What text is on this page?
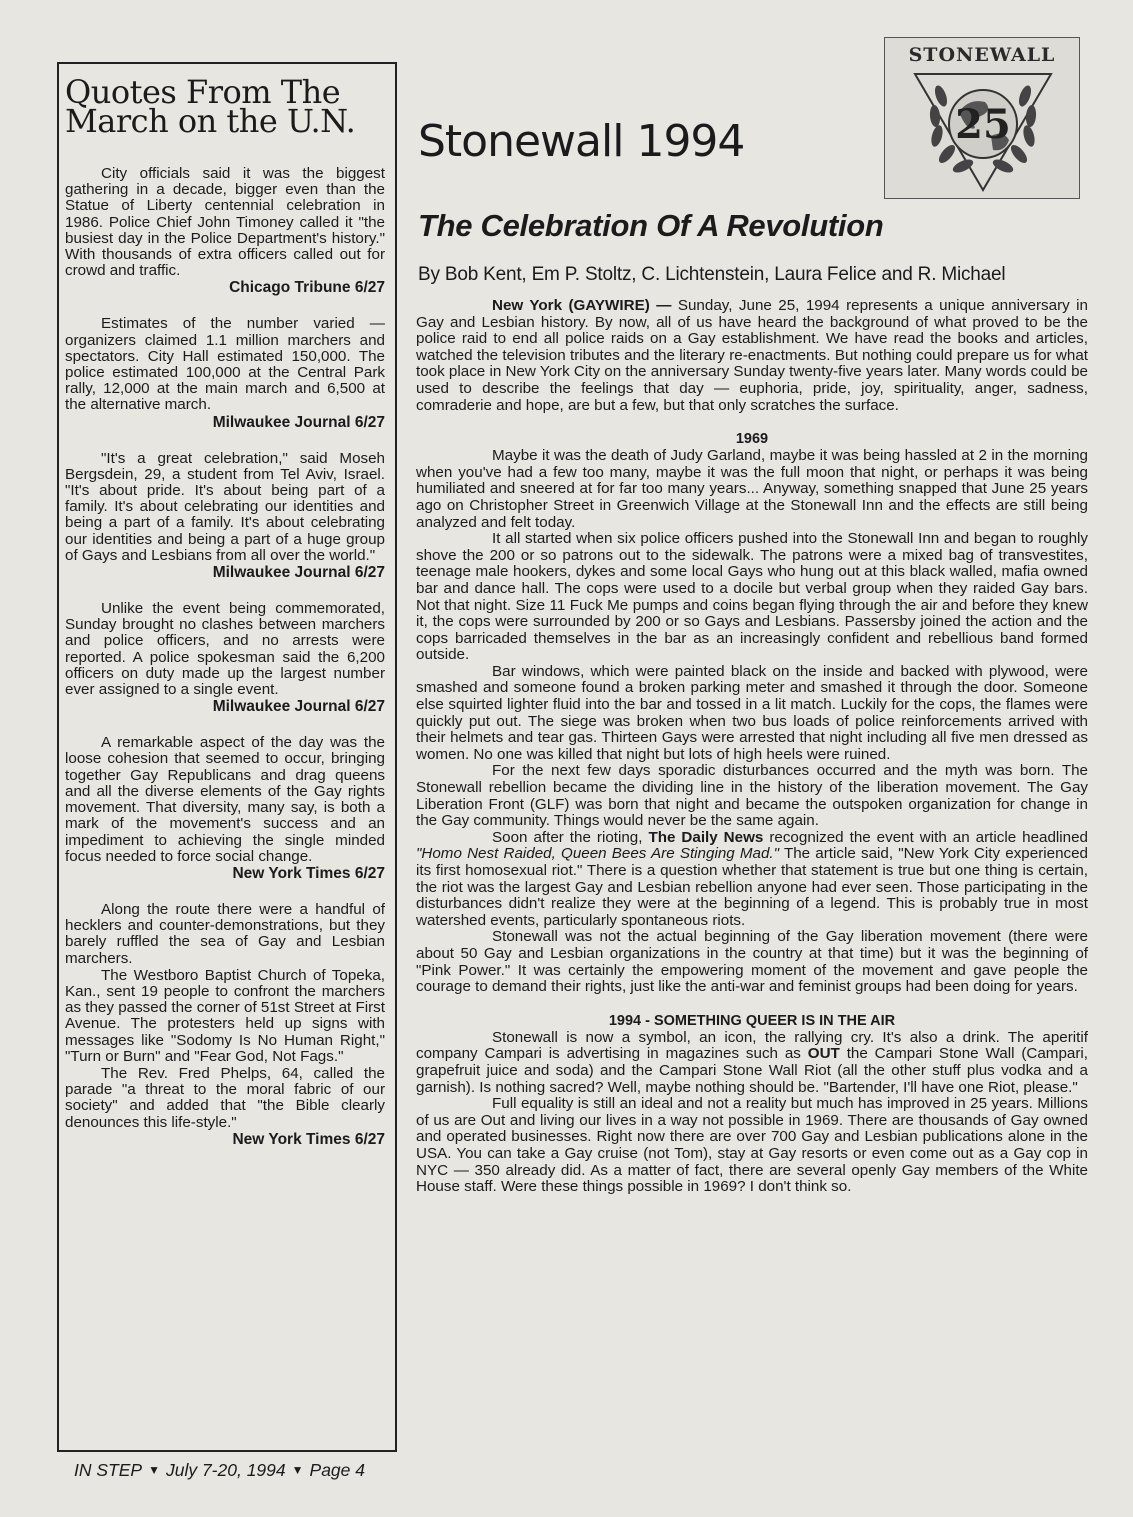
Quotes From The
March on the U.N.

City officials said it was the biggest gathering in a decade, bigger even than the Statue of Liberty centennial celebration in 1986. Police Chief John Timoney called it "the busiest day in the Police Department's history." With thousands of extra officers called out for crowd and traffic.

Chicago Tribune 6/27

Estimates of the number varied — organizers claimed 1.1 million marchers and spectators. City Hall estimated 150,000. The police estimated 100,000 at the Central Park rally, 12,000 at the main march and 6,500 at the alternative march.

Milwaukee Journal 6/27

"It's a great celebration," said Moseh Bergsdein, 29, a student from Tel Aviv, Israel. "It's about pride. It's about being part of a family. It's about celebrating our identities and being a part of a family. It's about celebrating our identities and being a part of a huge group of Gays and Lesbians from all over the world."

Milwaukee Journal 6/27

Unlike the event being commemorated, Sunday brought no clashes between marchers and police officers, and no arrests were reported. A police spokesman said the 6,200 officers on duty made up the largest number ever assigned to a single event.

Milwaukee Journal 6/27

A remarkable aspect of the day was the loose cohesion that seemed to occur, bringing together Gay Republicans and drag queens and all the diverse elements of the Gay rights movement. That diversity, many say, is both a mark of the movement's success and an impediment to achieving the single minded focus needed to force social change.

New York Times 6/27

Along the route there were a handful of hecklers and counter-demonstrations, but they barely ruffled the sea of Gay and Lesbian marchers.

The Westboro Baptist Church of Topeka, Kan., sent 19 people to confront the marchers as they passed the corner of 51st Street at First Avenue. The protesters held up signs with messages like "Sodomy Is No Human Right," "Turn or Burn" and "Fear God, Not Fags."

The Rev. Fred Phelps, 64, called the parade "a threat to the moral fabric of our society" and added that "the Bible clearly denounces this life-style."

New York Times 6/27
Stonewall 1994
STONEWALL
25
The Celebration Of A Revolution

By Bob Kent, Em P. Stoltz, C. Lichtenstein, Laura Felice and R. Michael

New York (GAYWIRE) — Sunday, June 25, 1994 represents a unique anniversary in Gay and Lesbian history. By now, all of us have heard the background of what proved to be the police raid to end all police raids on a Gay establishment. We have read the books and articles, watched the television tributes and the literary re-enactments. But nothing could prepare us for what took place in New York City on the anniversary Sunday twenty-five years later. Many words could be used to describe the feelings that day — euphoria, pride, joy, spirituality, anger, sadness, comraderie and hope, are but a few, but that only scratches the surface.

1969

Maybe it was the death of Judy Garland, maybe it was being hassled at 2 in the morning when you've had a few too many, maybe it was the full moon that night, or perhaps it was being humiliated and sneered at for far too many years... Anyway, something snapped that June 25 years ago on Christopher Street in Greenwich Village at the Stonewall Inn and the effects are still being analyzed and felt today.

It all started when six police officers pushed into the Stonewall Inn and began to roughly shove the 200 or so patrons out to the sidewalk. The patrons were a mixed bag of transvestites, teenage male hookers, dykes and some local Gays who hung out at this black walled, mafia owned bar and dance hall. The cops were used to a docile but verbal group when they raided Gay bars. Not that night. Size 11 Fuck Me pumps and coins began flying through the air and before they knew it, the cops were surrounded by 200 or so Gays and Lesbians. Passersby joined the action and the cops barricaded themselves in the bar as an increasingly confident and rebellious band formed outside.

Bar windows, which were painted black on the inside and backed with plywood, were smashed and someone found a broken parking meter and smashed it through the door. Someone else squirted lighter fluid into the bar and tossed in a lit match. Luckily for the cops, the flames were quickly put out. The siege was broken when two bus loads of police reinforcements arrived with their helmets and tear gas. Thirteen Gays were arrested that night including all five men dressed as women. No one was killed that night but lots of high heels were ruined.

For the next few days sporadic disturbances occurred and the myth was born. The Stonewall rebellion became the dividing line in the history of the liberation movement. The Gay Liberation Front (GLF) was born that night and became the outspoken organization for change in the Gay community. Things would never be the same again.

Soon after the rioting, The Daily News recognized the event with an article headlined "Homo Nest Raided, Queen Bees Are Stinging Mad." The article said, "New York City experienced its first homosexual riot." There is a question whether that statement is true but one thing is certain, the riot was the largest Gay and Lesbian rebellion anyone had ever seen. Those participating in the disturbances didn't realize they were at the beginning of a legend. This is probably true in most watershed events, particularly spontaneous riots.

Stonewall was not the actual beginning of the Gay liberation movement (there were about 50 Gay and Lesbian organizations in the country at that time) but it was the beginning of "Pink Power." It was certainly the empowering moment of the movement and gave people the courage to demand their rights, just like the anti-war and feminist groups had been doing for years.

1994 - SOMETHING QUEER IS IN THE AIR

Stonewall is now a symbol, an icon, the rallying cry. It's also a drink. The aperitif company Campari is advertising in magazines such as OUT the Campari Stone Wall (Campari, grapefruit juice and soda) and the Campari Stone Wall Riot (all the other stuff plus vodka and a garnish). Is nothing sacred? Well, maybe nothing should be. "Bartender, I'll have one Riot, please."

Full equality is still an ideal and not a reality but much has improved in 25 years. Millions of us are Out and living our lives in a way not possible in 1969. There are thousands of Gay owned and operated businesses. Right now there are over 700 Gay and Lesbian publications alone in the USA. You can take a Gay cruise (not Tom), stay at Gay resorts or even come out as a Gay cop in NYC — 350 already did. As a matter of fact, there are several openly Gay members of the White House staff. Were these things possible in 1969? I don't think so.

IN STEP ▼ July 7-20, 1994 ▼ Page 4
